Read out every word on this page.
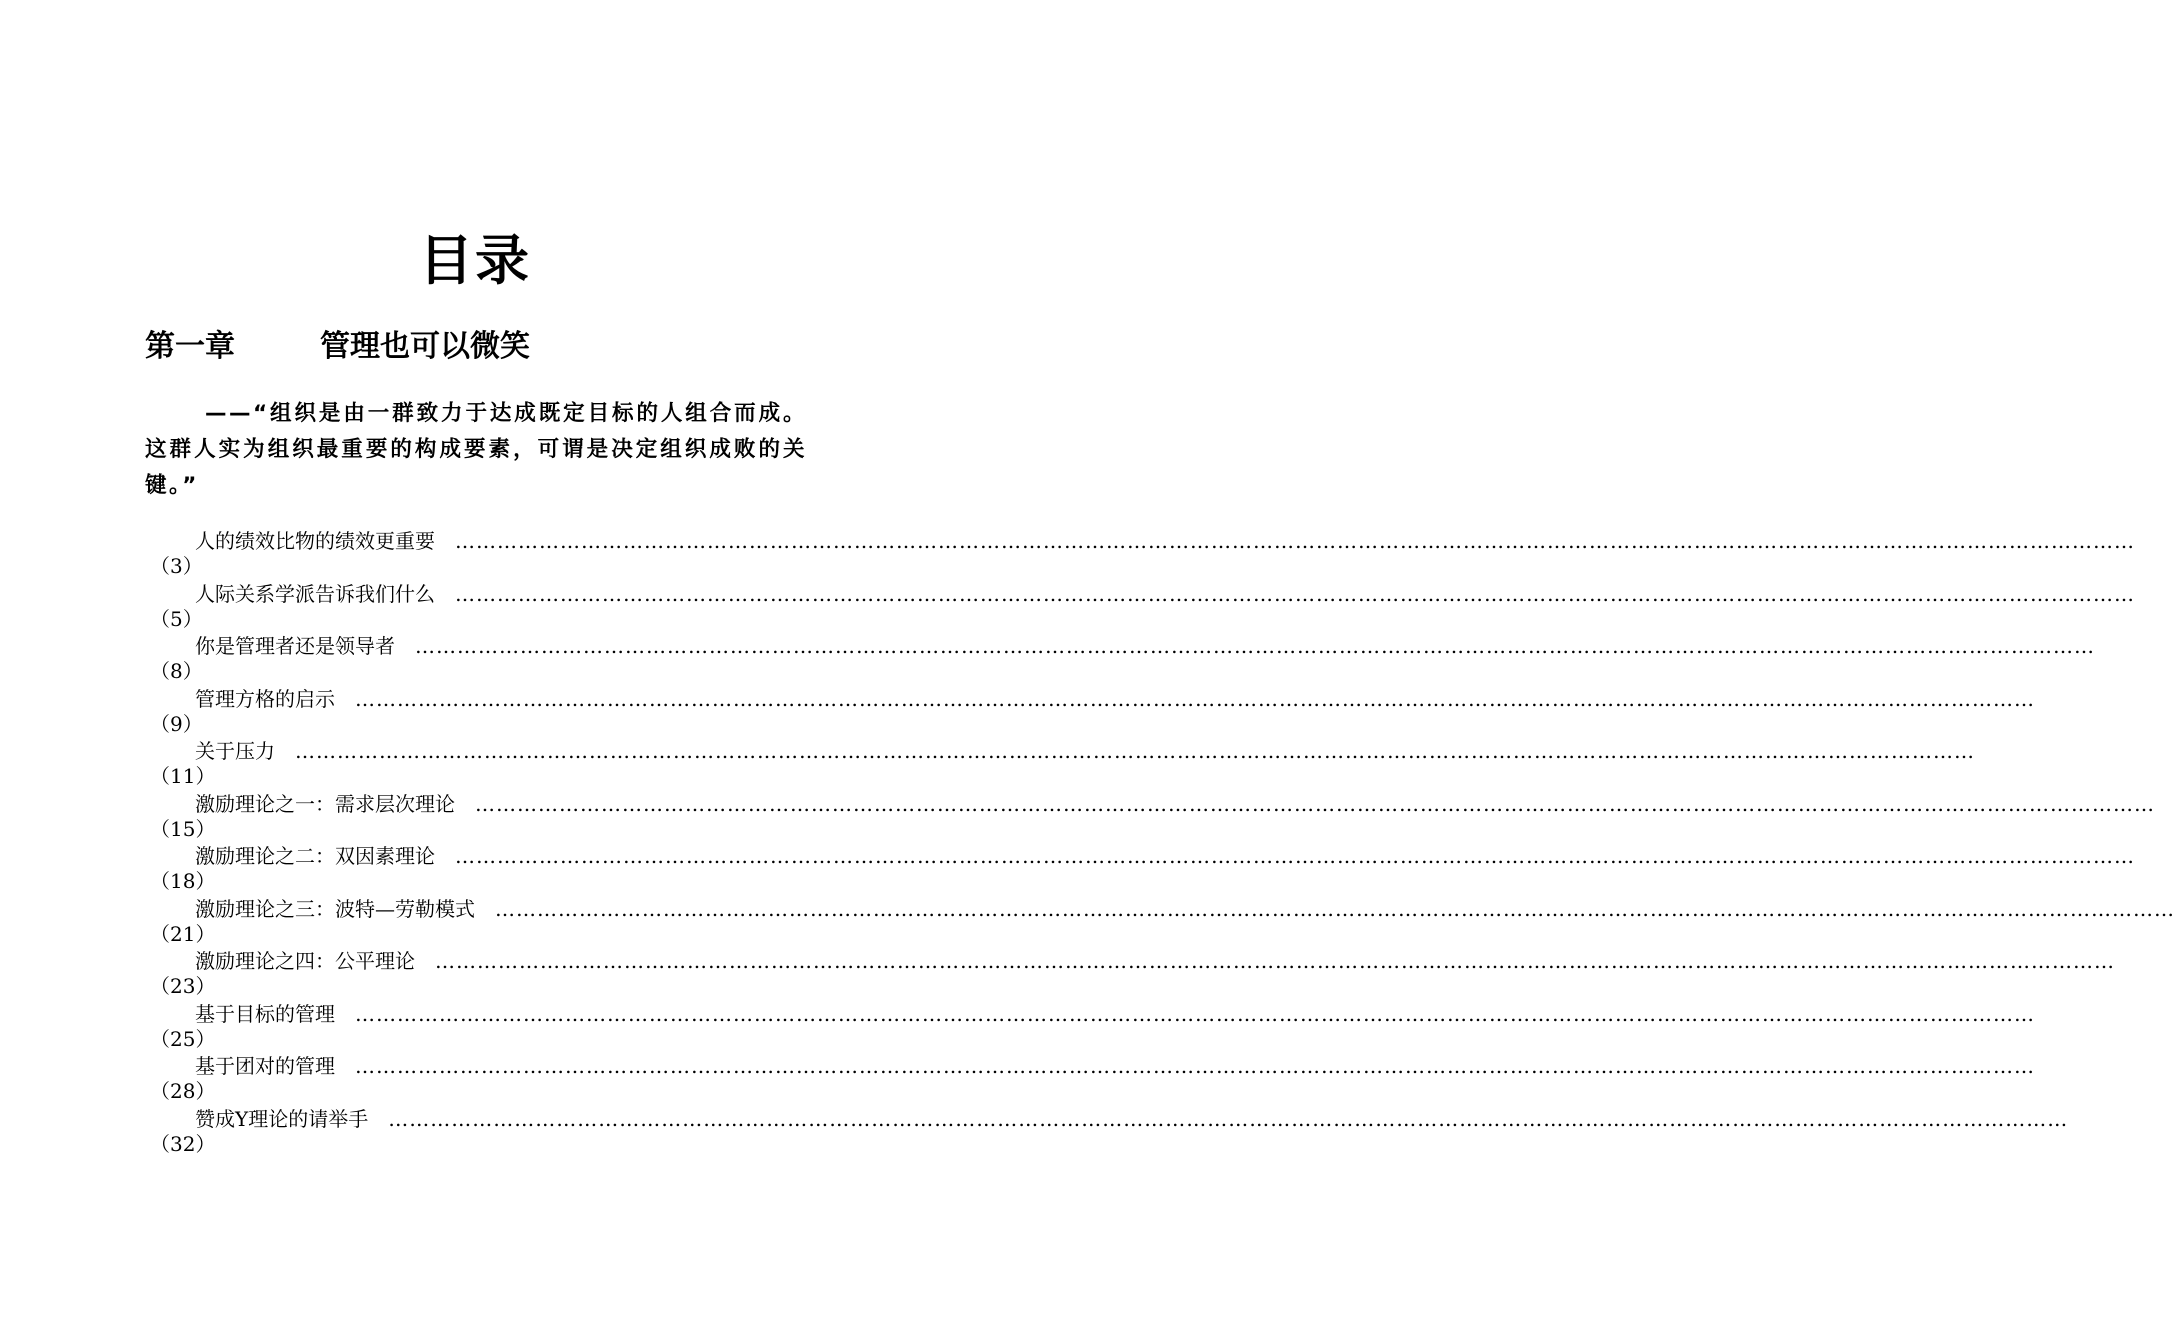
目录
第一章	管理也可以微笑
——“组织是由一群致力于达成既定目标的人组合而成。这群人实为组织最重要的构成要素，可谓是决定组织成败的关键。”
人的绩效比物的绩效更重要 ……………………………………………………………………………………………………………………………………………………………………………………………………………………
（3）
人际关系学派告诉我们什么 ……………………………………………………………………………………………………………………………………………………………………………………………………………………
（5）
你是管理者还是领导者 ……………………………………………………………………………………………………………………………………………………………………………………………………………………
（8）
管理方格的启示 ……………………………………………………………………………………………………………………………………………………………………………………………………………………
（9）
关于压力 ……………………………………………………………………………………………………………………………………………………………………………………………………………………
（11）
激励理论之一：需求层次理论 ……………………………………………………………………………………………………………………………………………………………………………………………………………………
（15）
激励理论之二：双因素理论 ……………………………………………………………………………………………………………………………………………………………………………………………………………………
（18）
激励理论之三：波特—劳勒模式 ……………………………………………………………………………………………………………………………………………………………………………………………………………………
（21）
激励理论之四：公平理论 ……………………………………………………………………………………………………………………………………………………………………………………………………………………
（23）
基于目标的管理 ……………………………………………………………………………………………………………………………………………………………………………………………………………………
（25）
基于团对的管理 ……………………………………………………………………………………………………………………………………………………………………………………………………………………
（28）
赞成Y理论的请举手 ……………………………………………………………………………………………………………………………………………………………………………………………………………………
（32）
